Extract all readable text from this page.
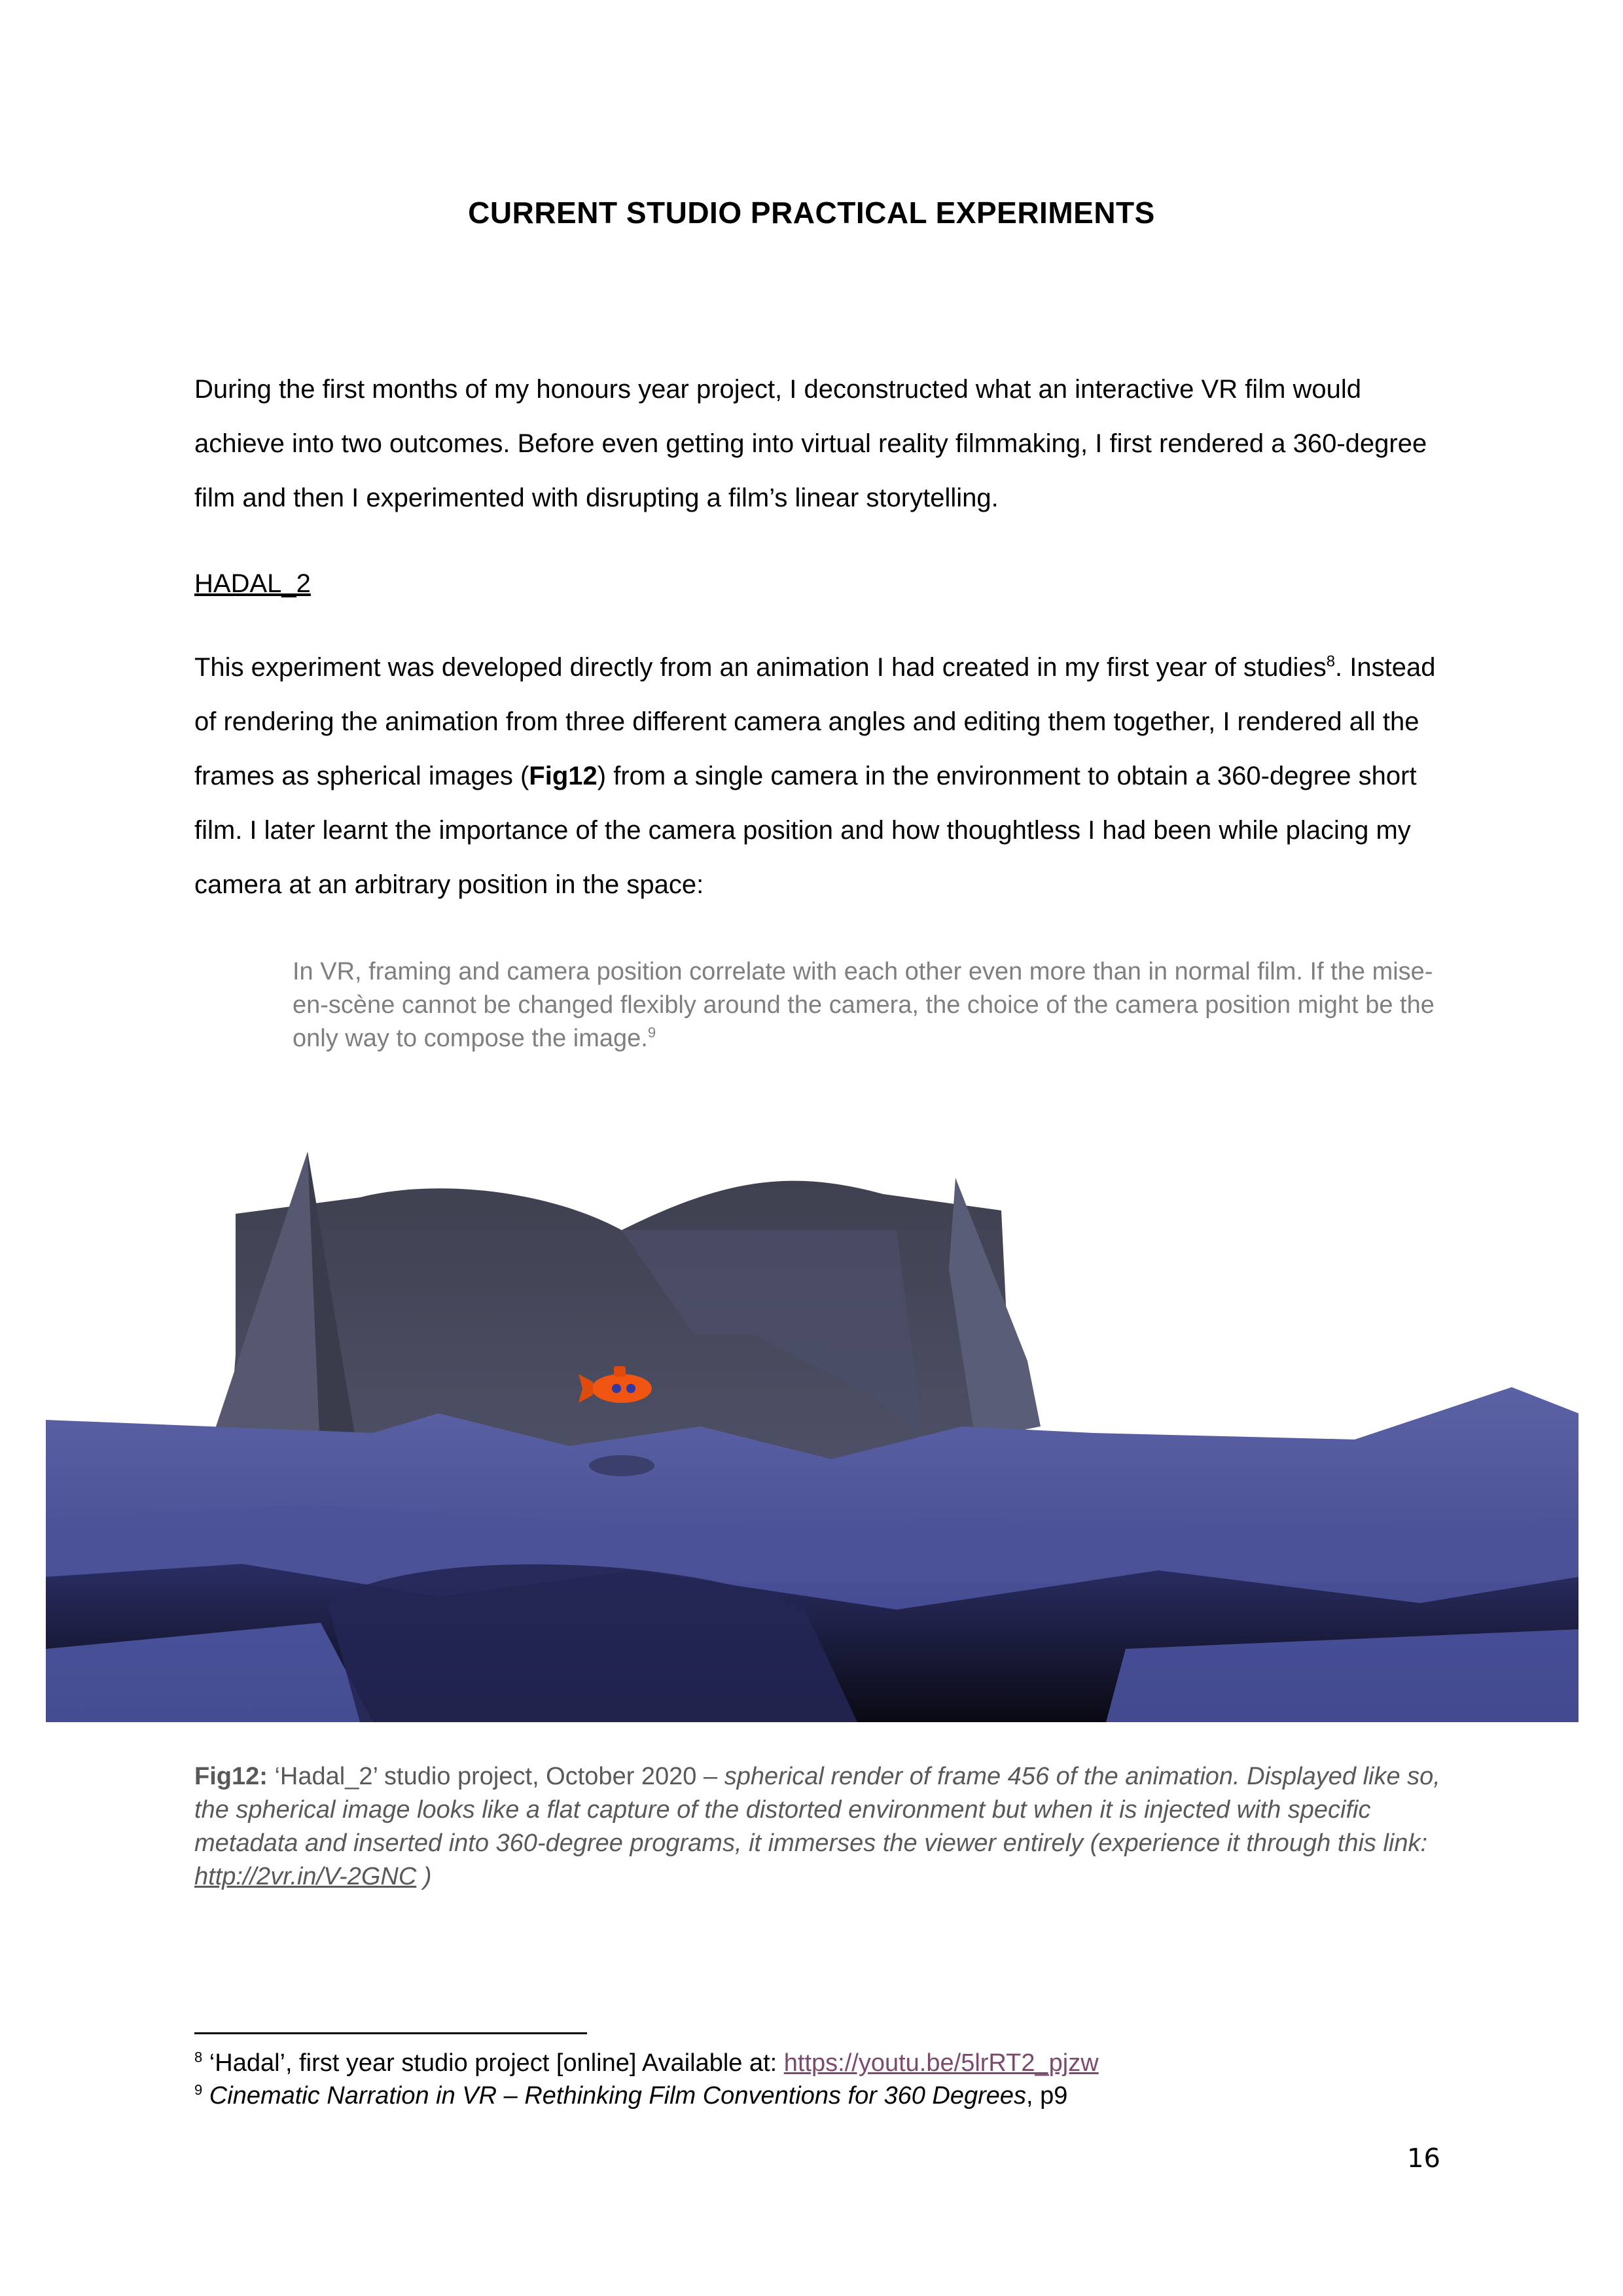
CURRENT STUDIO PRACTICAL EXPERIMENTS
During the first months of my honours year project, I deconstructed what an interactive VR film would achieve into two outcomes. Before even getting into virtual reality filmmaking, I first rendered a 360-degree film and then I experimented with disrupting a film’s linear storytelling.
HADAL_2
This experiment was developed directly from an animation I had created in my first year of studies$^8$. Instead of rendering the animation from three different camera angles and editing them together, I rendered all the frames as spherical images (Fig12) from a single camera in the environment to obtain a 360-degree short film. I later learnt the importance of the camera position and how thoughtless I had been while placing my camera at an arbitrary position in the space:
In VR, framing and camera position correlate with each other even more than in normal film. If the mise-en-scène cannot be changed flexibly around the camera, the choice of the camera position might be the only way to compose the image.$^9$
Fig12: ‘Hadal_2’ studio project, October 2020 – spherical render of frame 456 of the animation. Displayed like so, the spherical image looks like a flat capture of the distorted environment but when it is injected with specific metadata and inserted into 360-degree programs, it immerses the viewer entirely (experience it through this link: http://2vr.in/V-2GNC )
$^8$ ‘Hadal’, first year studio project [online] Available at: https://youtu.be/5lrRT2_pjzw
$^9$ Cinematic Narration in VR – Rethinking Film Conventions for 360 Degrees, p9
16
